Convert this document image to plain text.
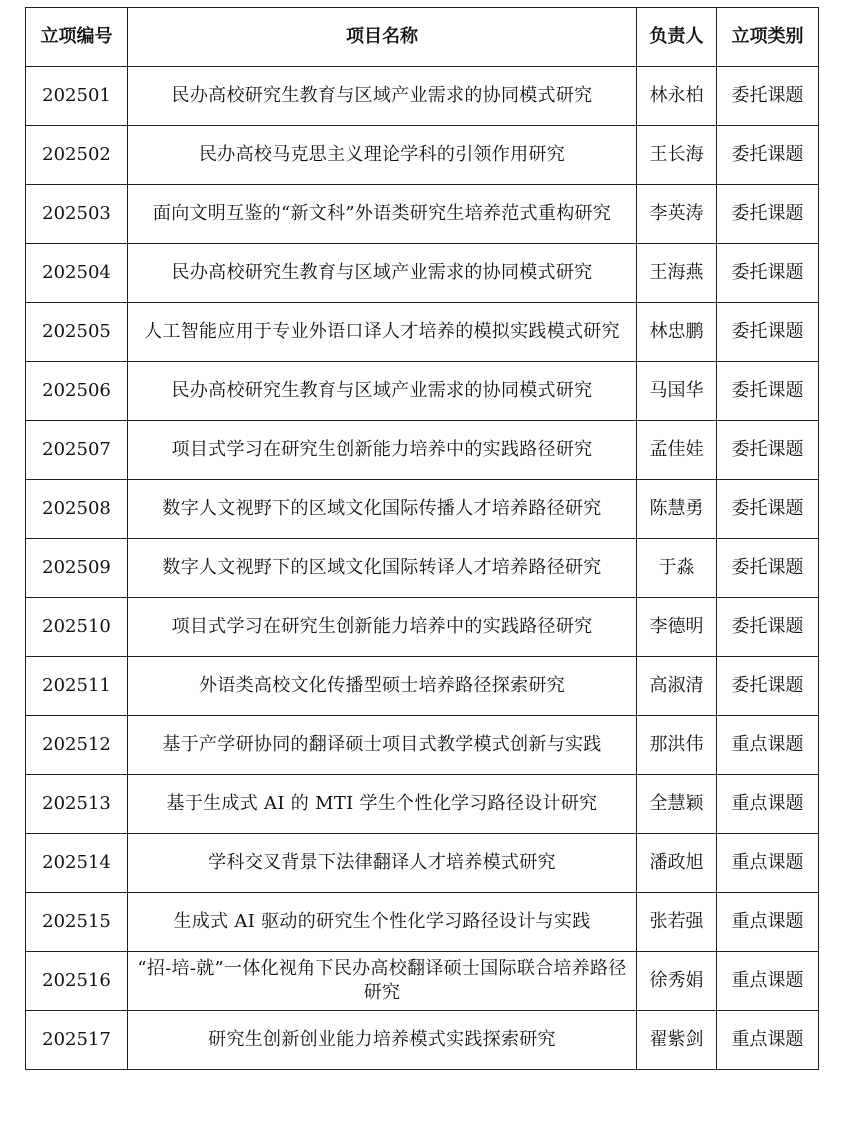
立项编号	项目名称	负责人	立项类别
202501	民办高校研究生教育与区域产业需求的协同模式研究	林永柏	委托课题
202502	民办高校马克思主义理论学科的引领作用研究	王长海	委托课题
202503	面向文明互鉴的“新文科”外语类研究生培养范式重构研究	李英涛	委托课题
202504	民办高校研究生教育与区域产业需求的协同模式研究	王海燕	委托课题
202505	人工智能应用于专业外语口译人才培养的模拟实践模式研究	林忠鹏	委托课题
202506	民办高校研究生教育与区域产业需求的协同模式研究	马国华	委托课题
202507	项目式学习在研究生创新能力培养中的实践路径研究	孟佳娃	委托课题
202508	数字人文视野下的区域文化国际传播人才培养路径研究	陈慧勇	委托课题
202509	数字人文视野下的区域文化国际转译人才培养路径研究	于淼	委托课题
202510	项目式学习在研究生创新能力培养中的实践路径研究	李德明	委托课题
202511	外语类高校文化传播型硕士培养路径探索研究	高淑清	委托课题
202512	基于产学研协同的翻译硕士项目式教学模式创新与实践	那洪伟	重点课题
202513	基于生成式 AI 的 MTI 学生个性化学习路径设计研究	全慧颖	重点课题
202514	学科交叉背景下法律翻译人才培养模式研究	潘政旭	重点课题
202515	生成式 AI 驱动的研究生个性化学习路径设计与实践	张若强	重点课题
202516	“招-培-就”一体化视角下民办高校翻译硕士国际联合培养路径研究	徐秀娟	重点课题
202517	研究生创新创业能力培养模式实践探索研究	翟紫剑	重点课题
